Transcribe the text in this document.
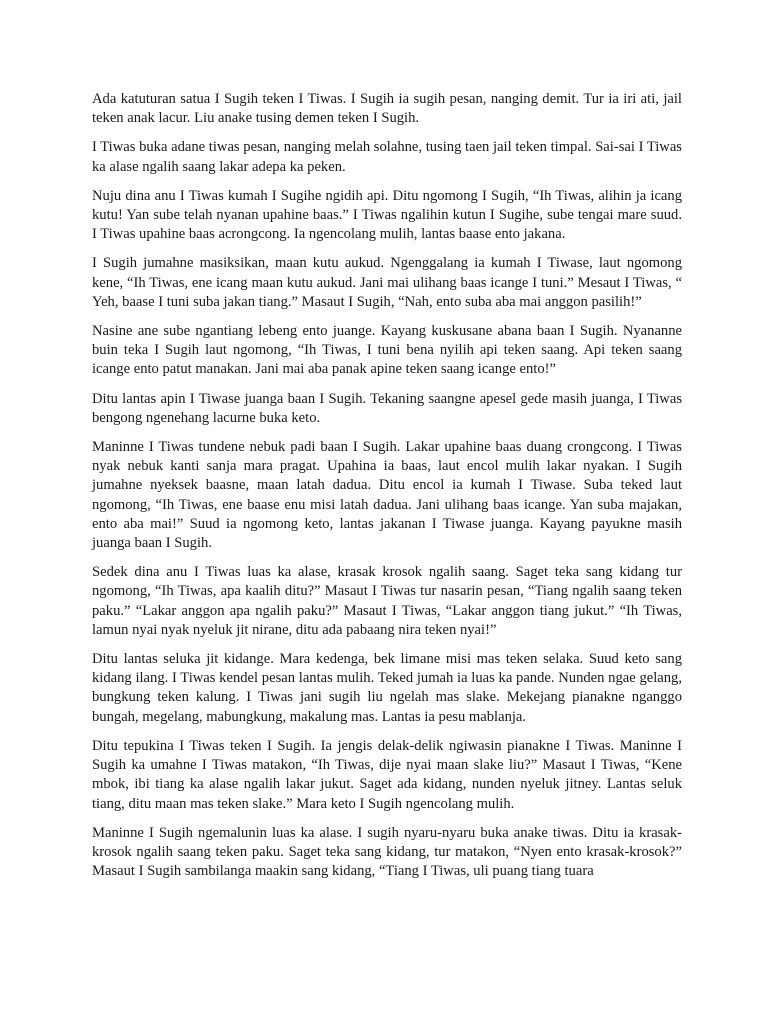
Ada katuturan satua I Sugih teken I Tiwas. I Sugih ia sugih pesan, nanging demit. Tur ia iri ati, jail teken anak lacur. Liu anake tusing demen teken I Sugih.

I Tiwas buka adane tiwas pesan, nanging melah solahne, tusing taen jail teken timpal. Sai-sai I Tiwas ka alase ngalih saang lakar adepa ka peken.

Nuju dina anu I Tiwas kumah I Sugihe ngidih api. Ditu ngomong I Sugih, “Ih Tiwas, alihin ja icang kutu! Yan sube telah nyanan upahine baas.” I Tiwas ngalihin kutun I Sugihe, sube tengai mare suud. I Tiwas upahine baas acrongcong. Ia ngencolang mulih, lantas baase ento jakana.

I Sugih jumahne masiksikan, maan kutu aukud. Ngenggalang ia kumah I Tiwase, laut ngomong kene, “Ih Tiwas, ene icang maan kutu aukud. Jani mai ulihang baas icange I tuni.” Mesaut I Tiwas, “ Yeh, baase I tuni suba jakan tiang.” Masaut I Sugih, “Nah, ento suba aba mai anggon pasilih!”

Nasine ane sube ngantiang lebeng ento juange. Kayang kuskusane abana baan I Sugih. Nyananne buin teka I Sugih laut ngomong, “Ih Tiwas, I tuni bena nyilih api teken saang. Api teken saang icange ento patut manakan. Jani mai aba panak apine teken saang icange ento!”

Ditu lantas apin I Tiwase juanga baan I Sugih. Tekaning saangne apesel gede masih juanga, I Tiwas bengong ngenehang lacurne buka keto.

Maninne I Tiwas tundene nebuk padi baan I Sugih. Lakar upahine baas duang crongcong. I Tiwas nyak nebuk kanti sanja mara pragat. Upahina ia baas, laut encol mulih lakar nyakan. I Sugih jumahne nyeksek baasne, maan latah dadua. Ditu encol ia kumah I Tiwase. Suba teked laut ngomong, “Ih Tiwas, ene baase enu misi latah dadua. Jani ulihang baas icange. Yan suba majakan, ento aba mai!” Suud ia ngomong keto, lantas jakanan I Tiwase juanga. Kayang payukne masih juanga baan I Sugih.

Sedek dina anu I Tiwas luas ka alase, krasak krosok ngalih saang. Saget teka sang kidang tur ngomong, “Ih Tiwas, apa kaalih ditu?” Masaut I Tiwas tur nasarin pesan, “Tiang ngalih saang teken paku.” “Lakar anggon apa ngalih paku?” Masaut I Tiwas, “Lakar anggon tiang jukut.” “Ih Tiwas, lamun nyai nyak nyeluk jit nirane, ditu ada pabaang nira teken nyai!”

Ditu lantas seluka jit kidange. Mara kedenga, bek limane misi mas teken selaka. Suud keto sang kidang ilang. I Tiwas kendel pesan lantas mulih. Teked jumah ia luas ka pande. Nunden ngae gelang, bungkung teken kalung. I Tiwas jani sugih liu ngelah mas slake. Mekejang pianakne nganggo bungah, megelang, mabungkung, makalung mas. Lantas ia pesu mablanja.

Ditu tepukina I Tiwas teken I Sugih. Ia jengis delak-delik ngiwasin pianakne I Tiwas. Maninne I Sugih ka umahne I Tiwas matakon, “Ih Tiwas, dije nyai maan slake liu?” Masaut I Tiwas, “Kene mbok, ibi tiang ka alase ngalih lakar jukut. Saget ada kidang, nunden nyeluk jitney. Lantas seluk tiang, ditu maan mas teken slake.” Mara keto I Sugih ngencolang mulih.

Maninne I Sugih ngemalunin luas ka alase. I sugih nyaru-nyaru buka anake tiwas. Ditu ia krasak-krosok ngalih saang teken paku. Saget teka sang kidang, tur matakon, “Nyen ento krasak-krosok?” Masaut I Sugih sambilanga maakin sang kidang, “Tiang I Tiwas, uli puang tiang tuara
